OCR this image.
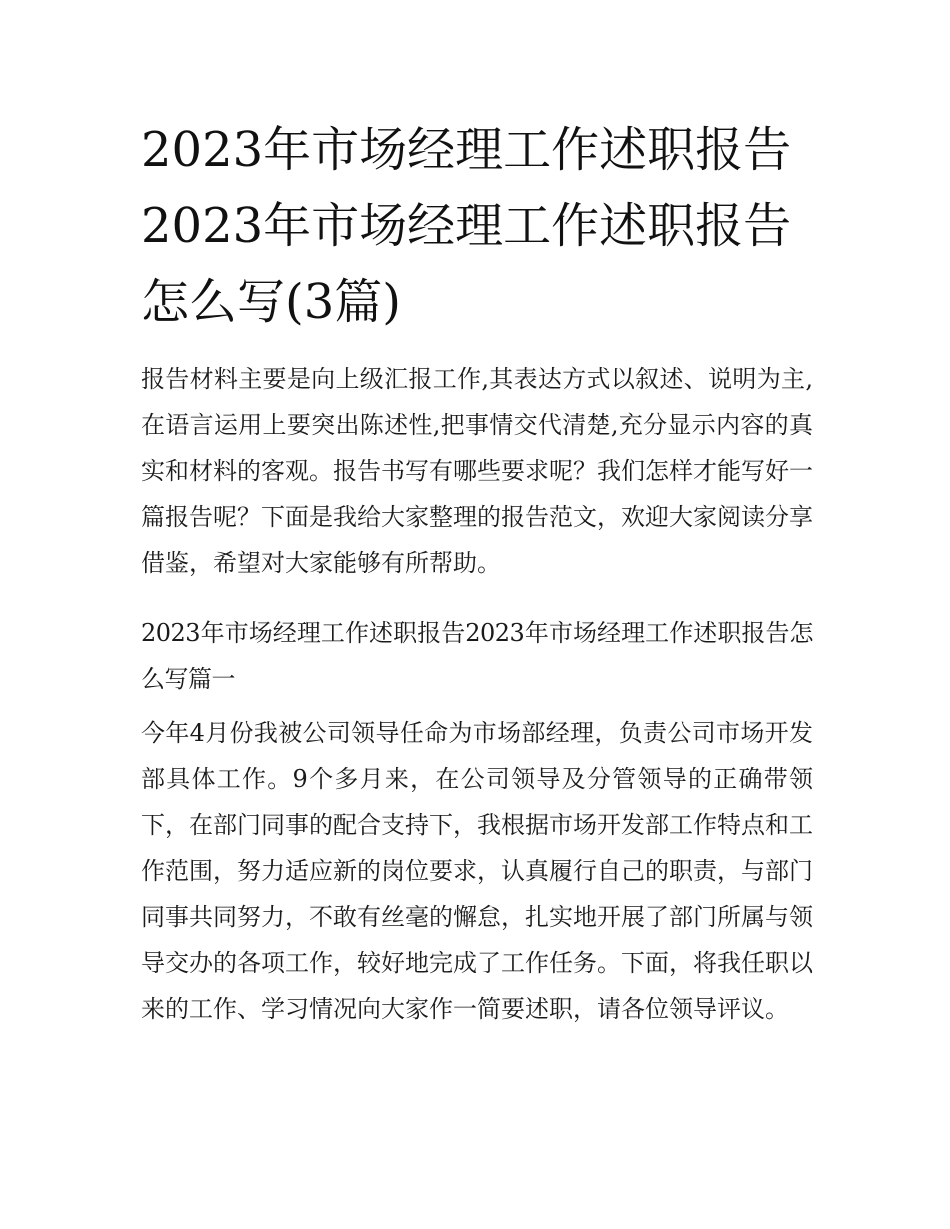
2023年市场经理工作述职报告2023年市场经理工作述职报告怎么写(3篇)

报告材料主要是向上级汇报工作,其表达方式以叙述、说明为主,在语言运用上要突出陈述性,把事情交代清楚,充分显示内容的真实和材料的客观。报告书写有哪些要求呢？我们怎样才能写好一篇报告呢？下面是我给大家整理的报告范文，欢迎大家阅读分享借鉴，希望对大家能够有所帮助。

2023年市场经理工作述职报告2023年市场经理工作述职报告怎么写篇一

今年4月份我被公司领导任命为市场部经理，负责公司市场开发部具体工作。9个多月来，在公司领导及分管领导的正确带领下，在部门同事的配合支持下，我根据市场开发部工作特点和工作范围，努力适应新的岗位要求，认真履行自己的职责，与部门同事共同努力，不敢有丝毫的懈怠，扎实地开展了部门所属与领导交办的各项工作，较好地完成了工作任务。下面，将我任职以来的工作、学习情况向大家作一简要述职，请各位领导评议。
